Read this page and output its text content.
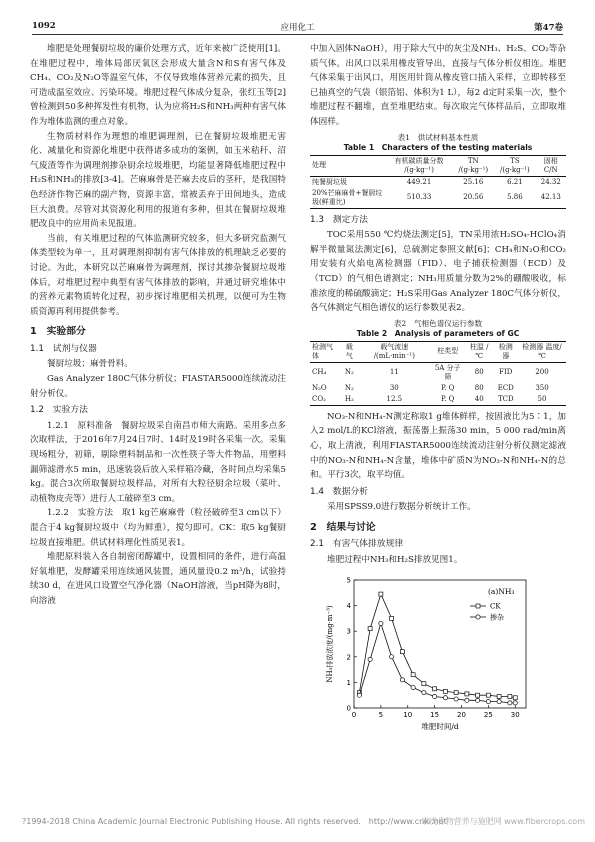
1092	应用化工	第47卷

堆肥是处理餐厨垃圾的廉价处理方式，近年来被广泛使用[1]。在堆肥过程中，堆体局部厌氧区会形成大量含N和S有害气体及CH₄、CO₂及N₂O等温室气体，不仅导致堆体营养元素的损失，且可造成温室效应、污染环境。堆肥过程气体成分复杂，张红玉等[2]曾检测到50多种挥发性有机物，认为应将H₂S和NH₃两种有害气体作为堆体监测的重点对象。

生物质材料作为理想的堆肥调理剂，已在餐厨垃圾堆肥无害化、减量化和资源化堆肥中获得诸多成功的案例，如玉米秸秆、沼气废渣等作为调理剂掺杂厨余垃圾堆肥，均能显著降低堆肥过程中H₂S和NH₃的排放[3-4]。芒麻麻骨是芒麻去皮后的茎秆，是我国特色经济作物芒麻的副产物，资源丰富，常被丢弃于田间地头，造成巨大浪费。尽管对其资源化利用的报道有多种，但其在餐厨垃圾堆肥改良中的应用尚未见报道。

当前，有关堆肥过程的气体监测研究较多，但大多研究监测气体类型较为单一，且对调理剂抑制有害气体排放的机理缺乏必要的讨论。为此，本研究以芒麻麻骨为调理剂，探讨其掺杂餐厨垃圾堆体后，对堆肥过程中典型有害气体排放的影响，并通过研究堆体中的营养元素物质转化过程，初步探讨堆肥相关机理，以便可为生物质资源再利用提供参考。

1　实验部分
1.1　试剂与仪器

餐厨垃圾；麻骨骨料。

Gas Analyzer 180C气体分析仪；FIASTAR5000连续流动注射分析仪。

1.2　实验方法

1.2.1　原料准备　餐厨垃圾采自南昌市师大南路。采用多点多次取样法，于2016年7月24日7时、14时及19时各采集一次。采集现场粗分，初筛，剔除塑料制品和一次性筷子等大件物品，用塑料漏筛滤滑水5 min，迅速装袋后放入采样箱冷藏，各时间点均采集5 kg。混合3次所取餐厨垃圾样品，对所有大粒径厨余垃圾（菜叶、动植物皮壳等）进行人工破碎至3 cm。

1.2.2　实验方法　取1 kg芒麻麻骨（粒径破碎至3 cm以下）混合于4 kg餐厨垃圾中（均为鲜重），搅匀即可。CK：取5 kg餐厨垃圾直接堆肥。供试材料理化性质见表1。

堆肥原料装入各自制密闭醇罐中，设置相同的条件，进行高温好氧堆肥，发酵罐采用连续通风装置，通风量设0.2 m³/h，试验持续30 d，在进风口设置空气净化器（NaOH溶液，当pH降为8时，向溶液

中加入固体NaOH），用于除大气中的灰尘及NH₃、H₂S、CO₂等杂质气体。出风口以采用橡皮管导出，直接与气体分析仪相连。堆肥气体采集于出风口，用医用针筒从橡皮管口插入采样，立即转移至已抽真空的气袋（银箔铝、体积为1 L），每2 d定时采集一次，整个堆肥过程不翻堆，直至堆肥结束。每次取完气体样品后，立即取堆体固样。

表1　供试材料基本性质
Table 1　Characters of the testing materials
处理	有机碳质量分数 /(g·kg⁻¹)	TN /(g·kg⁻¹)	TS /(g·kg⁻¹)	固相 C/N
纯餐厨垃圾	449.21	25.16	6.21	24.32
20%芒麻麻骨+餐厨垃圾(鲜重比)	510.33	20.56	5.86	42.13
1.3　测定方法

TOC采用550 ℃灼烧法测定[5]，TN采用浓H₂SO₄-HClO₄消解半微量氮法测定[6]，总硫测定参照文献[6]；CH₄和N₂O和CO₂用安装有火焰电离检测器（FID）、电子捕获检测器（ECD）及（TCD）的气相色谱测定；NH₃用质量分数为2%的硼酸吸收，标准浓度的稀硫酸滴定；H₂S采用Gas Analyzer 180C气体分析仪，各气体测定气相色谱仪的运行参数见表2。

表2　气相色谱仪运行参数
Table 2　Analysis of parameters of GC
检测气体	载气	载气流速 /(mL·min⁻¹)	柱类型	柱温 /℃	检测器	检测器 温度/℃
CH₄	N₂	11	5A 分子筛	80	FID	200
N₂O	N₂	30	P. Q	80	ECD	350
CO₂	H₂	12.5	P. Q	40	TCD	50

NO₃-N和NH₄-N测定称取1 g堆体鲜样，按固液比为5∶1，加入2 mol/L的KCl溶液，振荡器上振荡30 min，5 000 rad/min离心，取上清液，利用FIASTAR5000连续流动注射分析仪测定滤液中的NO₃-N和NH₄-N含量，堆体中矿质N为NO₃-N和NH₄-N的总和。平行3次，取平均值。

1.4　数据分析

采用SPSS9.0进行数据分析统计工作。

2　结果与讨论
2.1　有害气体排放规律

堆肥过程中NH₃和H₂S排放见图1。

0	5	10	15	20	25	30
0
1
2
3
4
5
堆肥时间/d
NH₃排放浓度/(mg·m⁻³)
(a)NH₃
CK
掺杂
?1994-2018 China Academic Journal Electronic Publishing House. All rights reserved.　http://www.cnki.net
麻类作物营养与施肥网 www.fibercrops.com
